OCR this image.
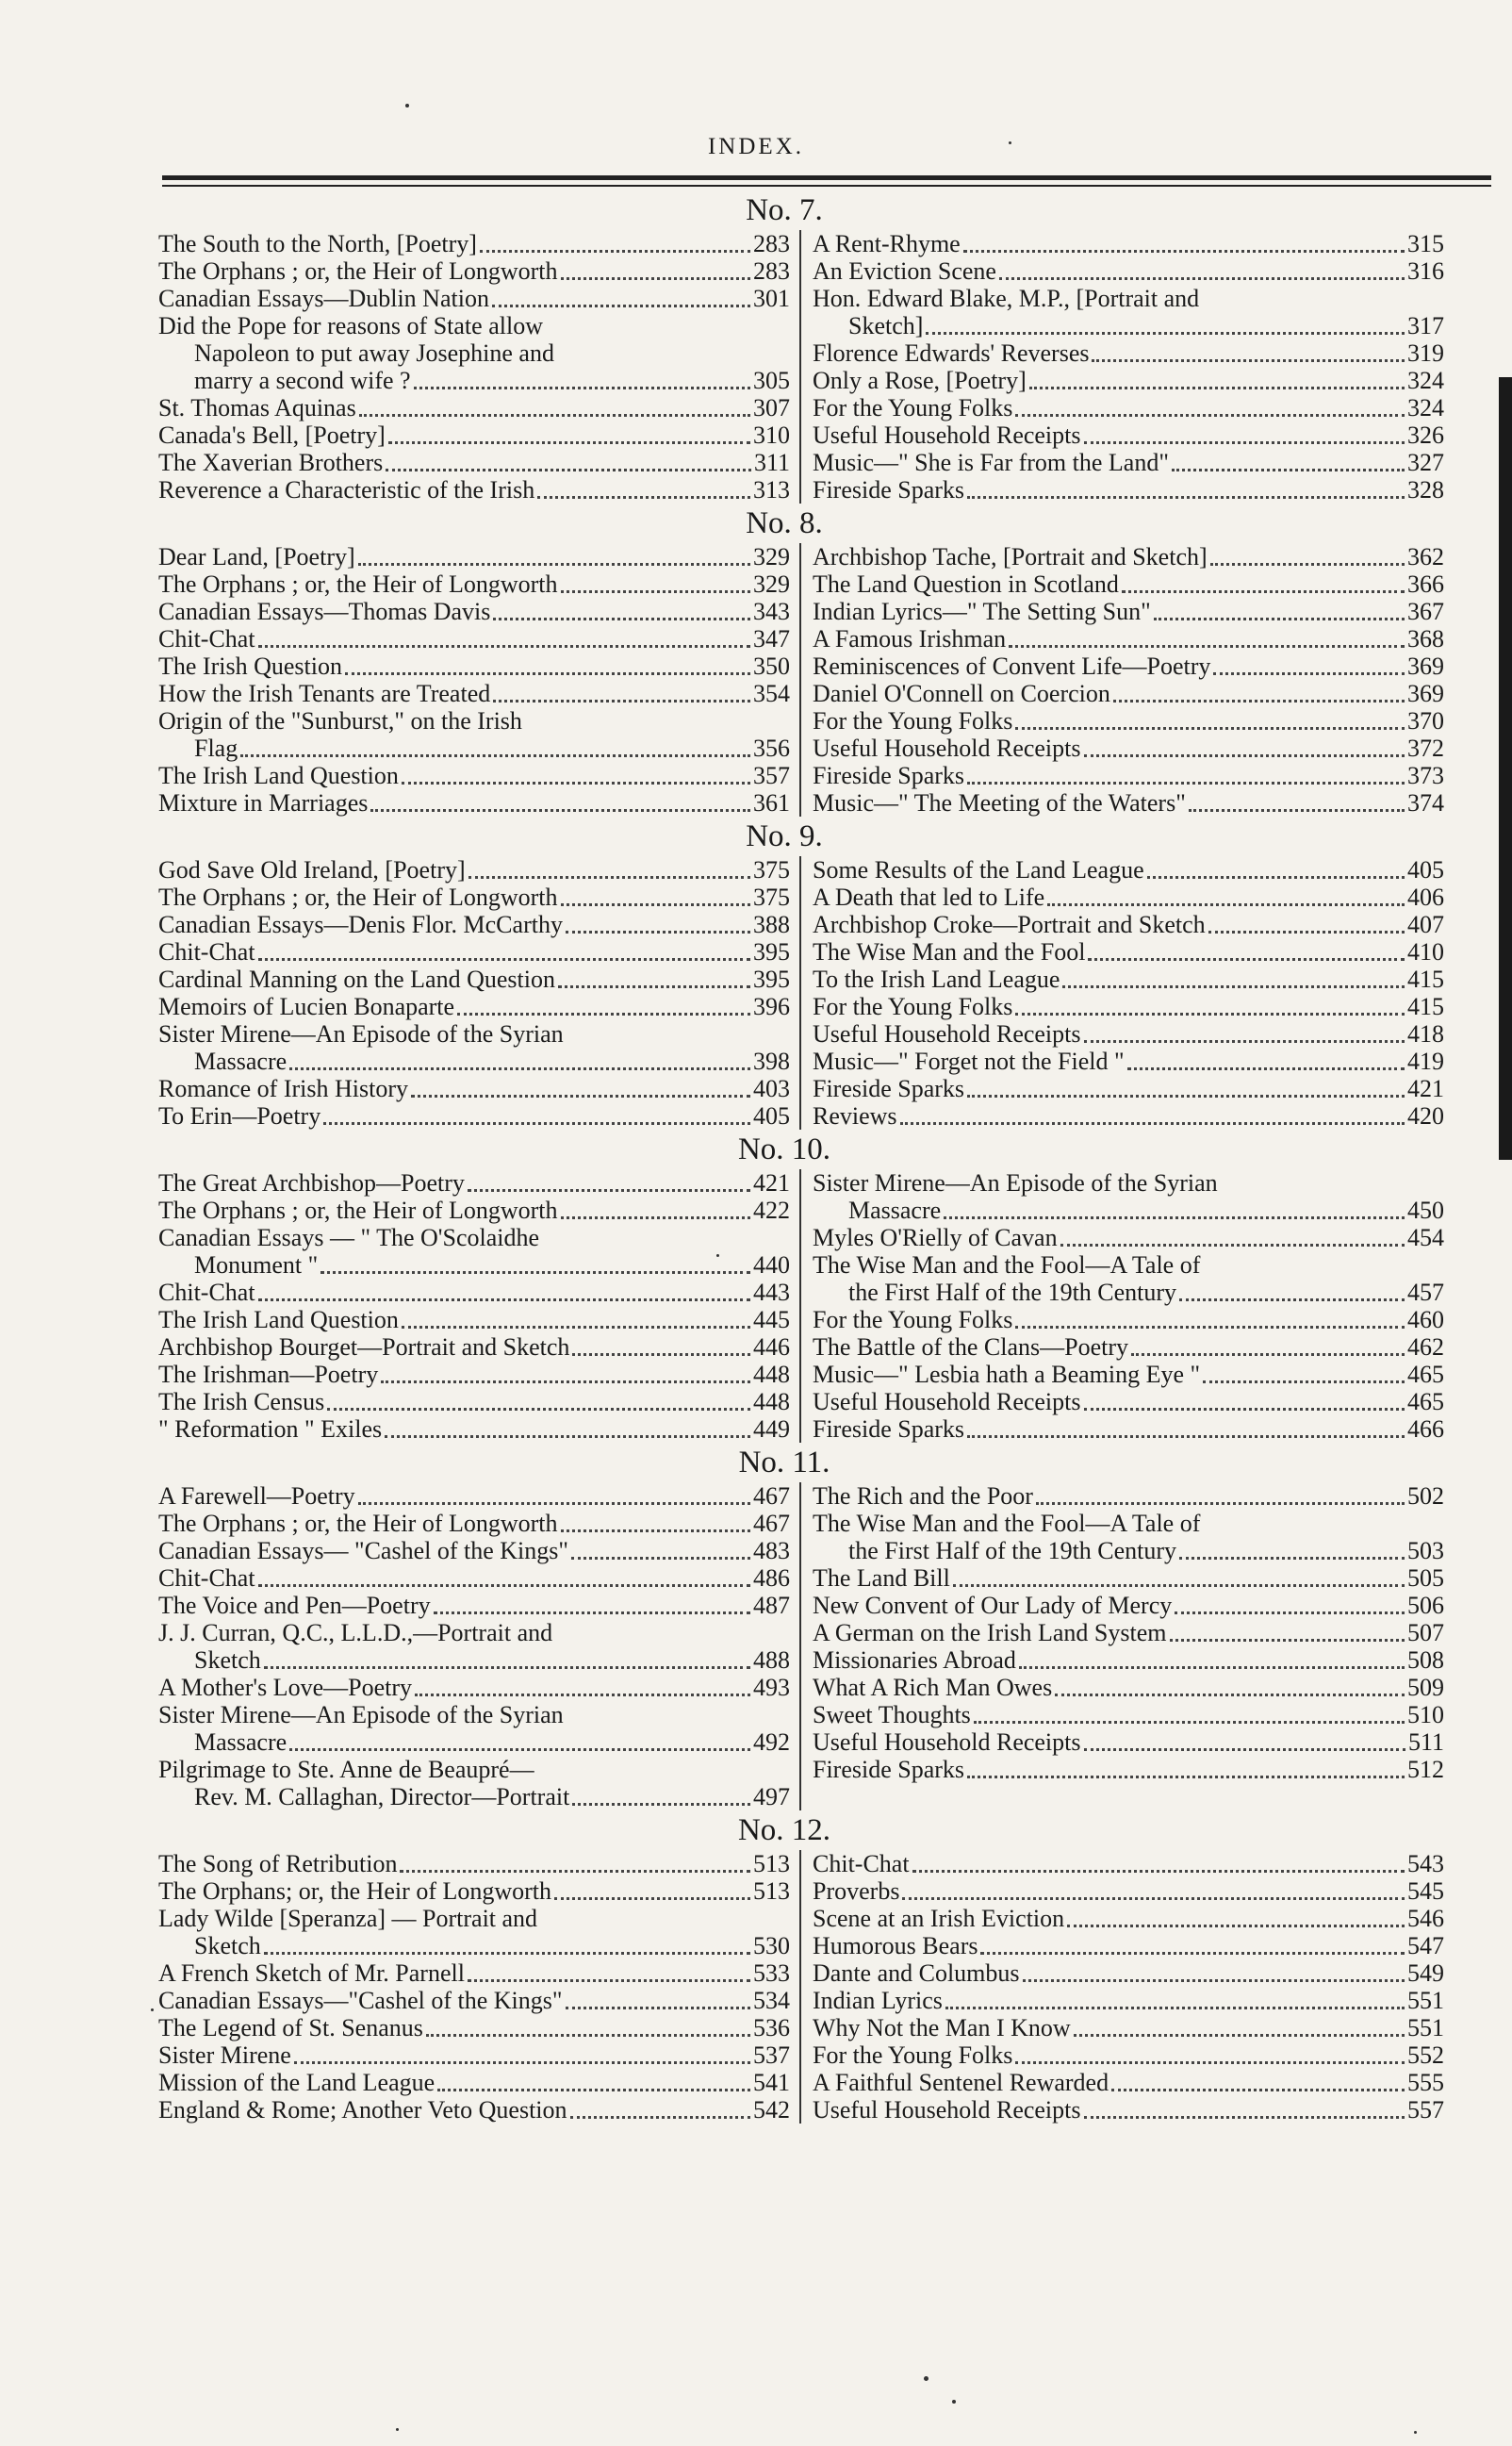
INDEX.
No. 7.
The South to the North, [Poetry]	283
The Orphans ; or, the Heir of Longworth	283
Canadian Essays—Dublin Nation	301
Did the Pope for reasons of State allow
Napoleon to put away Josephine and
marry a second wife ?	305
St. Thomas Aquinas	307
Canada's Bell, [Poetry]	310
The Xaverian Brothers	311
Reverence a Characteristic of the Irish	313
A Rent-Rhyme	315
An Eviction Scene	316
Hon. Edward Blake, M.P., [Portrait and
Sketch]	317
Florence Edwards' Reverses	319
Only a Rose, [Poetry]	324
For the Young Folks	324
Useful Household Receipts	326
Music—" She is Far from the Land"	327
Fireside Sparks	328
No. 8.
Dear Land, [Poetry]	329
The Orphans ; or, the Heir of Longworth	329
Canadian Essays—Thomas Davis	343
Chit-Chat	347
The Irish Question	350
How the Irish Tenants are Treated	354
Origin of the "Sunburst," on the Irish
Flag	356
The Irish Land Question	357
Mixture in Marriages	361
Archbishop Tache, [Portrait and Sketch]	362
The Land Question in Scotland	366
Indian Lyrics—" The Setting Sun"	367
A Famous Irishman	368
Reminiscences of Convent Life—Poetry	369
Daniel O'Connell on Coercion	369
For the Young Folks	370
Useful Household Receipts	372
Fireside Sparks	373
Music—" The Meeting of the Waters"	374
No. 9.
God Save Old Ireland, [Poetry]	375
The Orphans ; or, the Heir of Longworth	375
Canadian Essays—Denis Flor. McCarthy	388
Chit-Chat	395
Cardinal Manning on the Land Question	395
Memoirs of Lucien Bonaparte	396
Sister Mirene—An Episode of the Syrian
Massacre	398
Romance of Irish History	403
To Erin—Poetry	405
Some Results of the Land League	405
A Death that led to Life	406
Archbishop Croke—Portrait and Sketch	407
The Wise Man and the Fool	410
To the Irish Land League	415
For the Young Folks	415
Useful Household Receipts	418
Music—" Forget not the Field "	419
Fireside Sparks	421
Reviews	420
No. 10.
The Great Archbishop—Poetry	421
The Orphans ; or, the Heir of Longworth	422
Canadian Essays — " The O'Scolaidhe
Monument "	440
Chit-Chat	443
The Irish Land Question	445
Archbishop Bourget—Portrait and Sketch	446
The Irishman—Poetry	448
The Irish Census	448
" Reformation " Exiles	449
Sister Mirene—An Episode of the Syrian
Massacre	450
Myles O'Rielly of Cavan	454
The Wise Man and the Fool—A Tale of
the First Half of the 19th Century	457
For the Young Folks	460
The Battle of the Clans—Poetry	462
Music—" Lesbia hath a Beaming Eye "	465
Useful Household Receipts	465
Fireside Sparks	466
No. 11.
A Farewell—Poetry	467
The Orphans ; or, the Heir of Longworth	467
Canadian Essays— "Cashel of the Kings"	483
Chit-Chat	486
The Voice and Pen—Poetry	487
J. J. Curran, Q.C., L.L.D.,—Portrait and
Sketch	488
A Mother's Love—Poetry	493
Sister Mirene—An Episode of the Syrian
Massacre	492
Pilgrimage to Ste. Anne de Beaupré—
Rev. M. Callaghan, Director—Portrait	497
The Rich and the Poor	502
The Wise Man and the Fool—A Tale of
the First Half of the 19th Century	503
The Land Bill	505
New Convent of Our Lady of Mercy	506
A German on the Irish Land System	507
Missionaries Abroad	508
What A Rich Man Owes	509
Sweet Thoughts	510
Useful Household Receipts	511
Fireside Sparks	512
No. 12.
The Song of Retribution	513
The Orphans; or, the Heir of Longworth	513
Lady Wilde [Speranza] — Portrait and
Sketch	530
A French Sketch of Mr. Parnell	533
Canadian Essays—"Cashel of the Kings"	534
The Legend of St. Senanus	536
Sister Mirene	537
Mission of the Land League	541
England & Rome; Another Veto Question	542
Chit-Chat	543
Proverbs	545
Scene at an Irish Eviction	546
Humorous Bears	547
Dante and Columbus	549
Indian Lyrics	551
Why Not the Man I Know	551
For the Young Folks	552
A Faithful Sentenel Rewarded	555
Useful Household Receipts	557
